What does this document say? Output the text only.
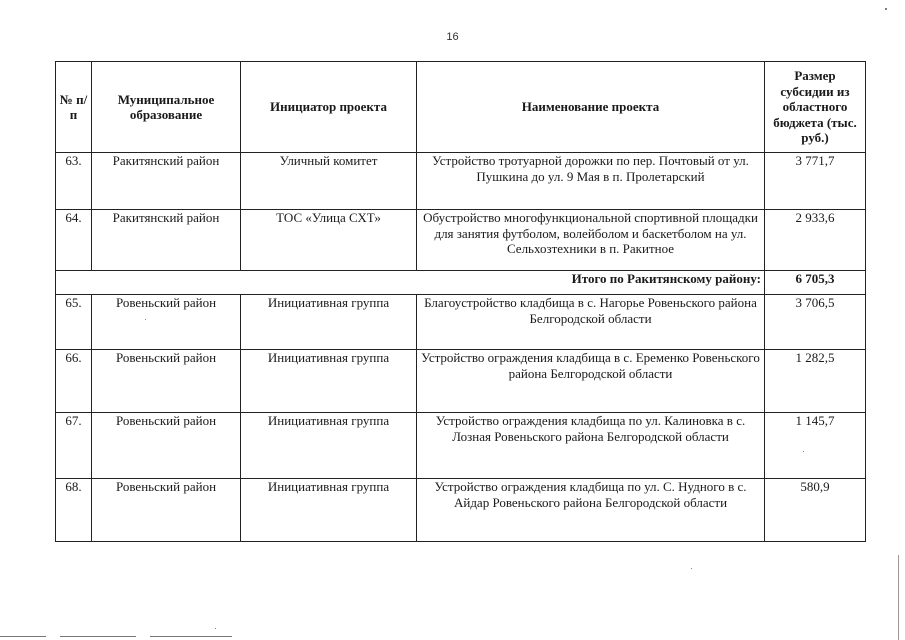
16
№ п/п	Муниципальное образование	Инициатор проекта	Наименование проекта	Размер субсидии из областного бюджета (тыс. руб.)
63.	Ракитянский район	Уличный комитет	Устройство тротуарной дорожки по пер. Почтовый от ул. Пушкина до ул. 9 Мая в п. Пролетарский	3 771,7
64.	Ракитянский район	ТОС «Улица СХТ»	Обустройство многофункциональной спортивной площадки для занятия футболом, волейболом и баскетболом на ул. Сельхозтехники в п. Ракитное	2 933,6
Итого по Ракитянскому району:				6 705,3
65.	Ровеньский район	Инициативная группа	Благоустройство кладбища в с. Нагорье Ровеньского района Белгородской области	3 706,5
66.	Ровеньский район	Инициативная группа	Устройство ограждения кладбища в с. Еременко Ровеньского района Белгородской области	1 282,5
67.	Ровеньский район	Инициативная группа	Устройство ограждения кладбища по ул. Калиновка в с. Лозная Ровеньского района Белгородской области	1 145,7
68.	Ровеньский район	Инициативная группа	Устройство ограждения кладбища по ул. С. Нудного в с. Айдар Ровеньского района Белгородской области	580,9
